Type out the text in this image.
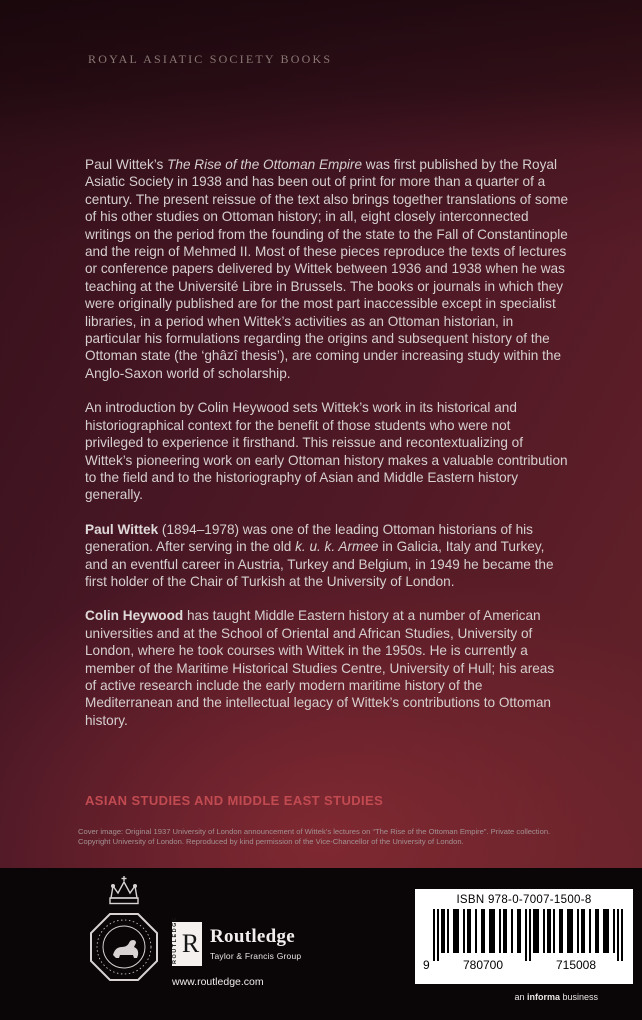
ROYAL ASIATIC SOCIETY BOOKS

Paul Wittek’s The Rise of the Ottoman Empire was first published by the Royal Asiatic Society in 1938 and has been out of print for more than a quarter of a century. The present reissue of the text also brings together translations of some of his other studies on Ottoman history; in all, eight closely interconnected writings on the period from the founding of the state to the Fall of Constantinople and the reign of Mehmed II. Most of these pieces reproduce the texts of lectures or conference papers delivered by Wittek between 1936 and 1938 when he was teaching at the Université Libre in Brussels. The books or journals in which they were originally published are for the most part inaccessible except in specialist libraries, in a period when Wittek’s activities as an Ottoman historian, in particular his formulations regarding the origins and subsequent history of the Ottoman state (the ‘ghâzî thesis’), are coming under increasing study within the Anglo-Saxon world of scholarship.

An introduction by Colin Heywood sets Wittek’s work in its historical and historiographical context for the benefit of those students who were not privileged to experience it firsthand. This reissue and recontextualizing of Wittek’s pioneering work on early Ottoman history makes a valuable contribution to the field and to the historiography of Asian and Middle Eastern history generally.

Paul Wittek (1894–1978) was one of the leading Ottoman historians of his generation. After serving in the old k. u. k. Armee in Galicia, Italy and Turkey, and an eventful career in Austria, Turkey and Belgium, in 1949 he became the first holder of the Chair of Turkish at the University of London.

Colin Heywood has taught Middle Eastern history at a number of American universities and at the School of Oriental and African Studies, University of London, where he took courses with Wittek in the 1950s. He is currently a member of the Maritime Historical Studies Centre, University of Hull; his areas of active research include the early modern maritime history of the Mediterranean and the intellectual legacy of Wittek’s contributions to Ottoman history.

ASIAN STUDIES AND MIDDLE EAST STUDIES
Cover image: Original 1937 University of London announcement of Wittek’s lectures on “The Rise of the Ottoman Empire”. Private collection.
Copyright University of London. Reproduced by kind permission of the Vice-Chancellor of the University of London.
ROUTLEDGE R Routledge
Taylor & Francis Group
www.routledge.com
ISBN 978-0-7007-1500-8
9	780700	715008
an informa business
